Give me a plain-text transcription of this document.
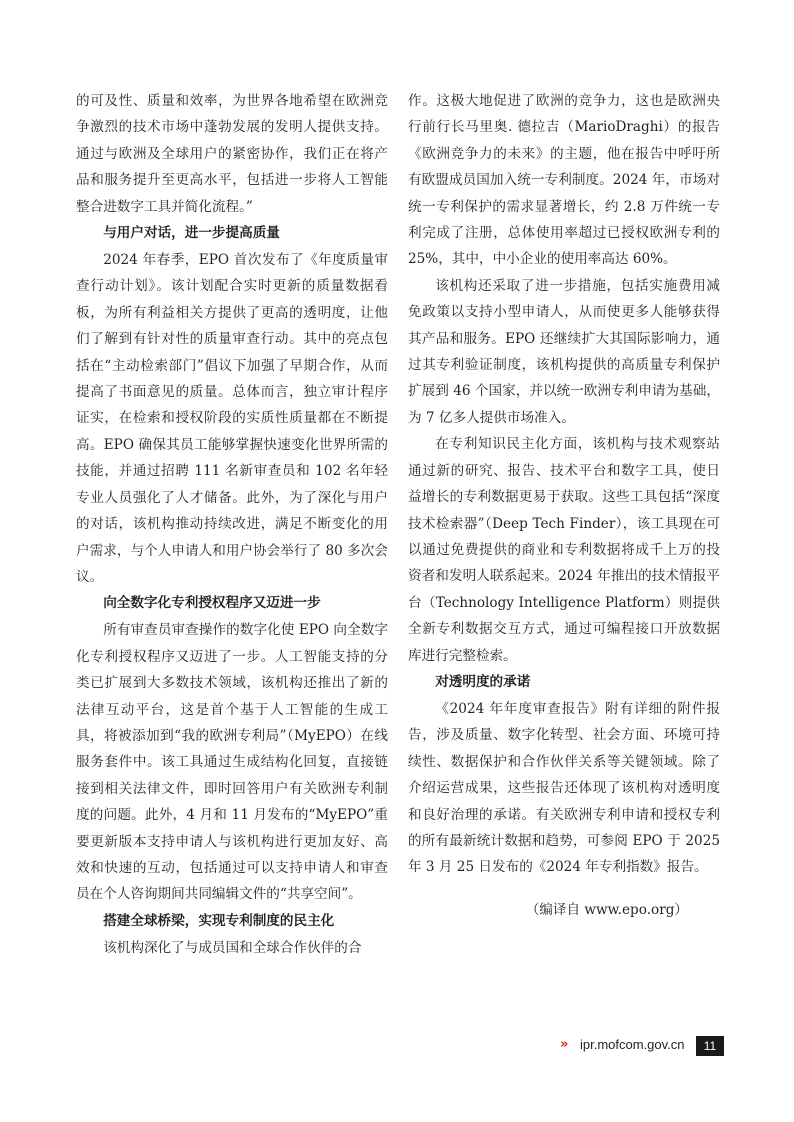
的可及性、质量和效率，为世界各地希望在欧洲竞争激烈的技术市场中蓬勃发展的发明人提供支持。通过与欧洲及全球用户的紧密协作，我们正在将产品和服务提升至更高水平，包括进一步将人工智能整合进数字工具并简化流程。”

与用户对话，进一步提高质量

2024 年春季，EPO 首次发布了《年度质量审查行动计划》。该计划配合实时更新的质量数据看板，为所有利益相关方提供了更高的透明度，让他们了解到有针对性的质量审查行动。其中的亮点包括在“主动检索部门”倡议下加强了早期合作，从而提高了书面意见的质量。总体而言，独立审计程序证实，在检索和授权阶段的实质性质量都在不断提高。EPO 确保其员工能够掌握快速变化世界所需的技能，并通过招聘 111 名新审查员和 102 名年轻专业人员强化了人才储备。此外，为了深化与用户的对话，该机构推动持续改进，满足不断变化的用户需求，与个人申请人和用户协会举行了 80 多次会议。

向全数字化专利授权程序又迈进一步

所有审查员审查操作的数字化使 EPO 向全数字化专利授权程序又迈进了一步。人工智能支持的分类已扩展到大多数技术领域，该机构还推出了新的法律互动平台，这是首个基于人工智能的生成工具，将被添加到“我的欧洲专利局”（MyEPO）在线服务套件中。该工具通过生成结构化回复，直接链接到相关法律文件，即时回答用户有关欧洲专利制度的问题。此外，4 月和 11 月发布的“MyEPO”重要更新版本支持申请人与该机构进行更加友好、高效和快速的互动，包括通过可以支持申请人和审查员在个人咨询期间共同编辑文件的“共享空间”。

搭建全球桥梁，实现专利制度的民主化

该机构深化了与成员国和全球合作伙伴的合

作。这极大地促进了欧洲的竞争力，这也是欧洲央行前行长马里奥. 德拉吉（MarioDraghi）的报告《欧洲竞争力的未来》的主题，他在报告中呼吁所有欧盟成员国加入统一专利制度。2024 年，市场对统一专利保护的需求显著增长，约 2.8 万件统一专利完成了注册，总体使用率超过已授权欧洲专利的 25%，其中，中小企业的使用率高达 60%。

该机构还采取了进一步措施，包括实施费用减免政策以支持小型申请人，从而使更多人能够获得其产品和服务。EPO 还继续扩大其国际影响力，通过其专利验证制度，该机构提供的高质量专利保护扩展到 46 个国家，并以统一欧洲专利申请为基础，为 7 亿多人提供市场准入。

在专利知识民主化方面，该机构与技术观察站通过新的研究、报告、技术平台和数字工具，使日益增长的专利数据更易于获取。这些工具包括“深度技术检索器”（Deep Tech Finder），该工具现在可以通过免费提供的商业和专利数据将成千上万的投资者和发明人联系起来。2024 年推出的技术情报平台（Technology Intelligence Platform）则提供全新专利数据交互方式，通过可编程接口开放数据库进行完整检索。

对透明度的承诺

《2024 年年度审查报告》附有详细的附件报告，涉及质量、数字化转型、社会方面、环境可持续性、数据保护和合作伙伴关系等关键领域。除了介绍运营成果，这些报告还体现了该机构对透明度和良好治理的承诺。有关欧洲专利申请和授权专利的所有最新统计数据和趋势，可参阅 EPO 于 2025 年 3 月 25 日发布的《2024 年专利指数》报告。

（编译自 www.epo.org）

» ipr.mofcom.gov.cn	11
